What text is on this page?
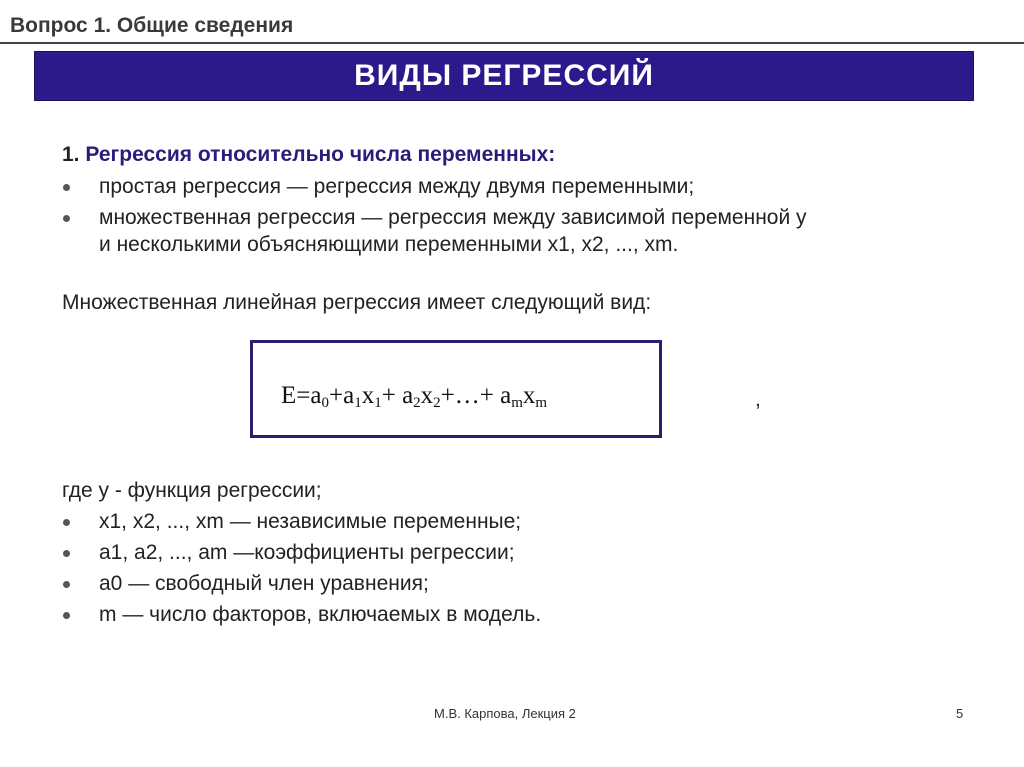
Вопрос 1. Общие сведения
ВИДЫ РЕГРЕССИЙ
1. Регрессия относительно числа переменных:
простая регрессия — регрессия между двумя переменными;
множественная регрессия — регрессия между зависимой переменной у
и несколькими объясняющими переменными х1, х2, ..., хm.
Множественная линейная регрессия имеет следующий вид:
E=a0+a1x1+ a2x2+…+ amxm
E=a₀+a₁x₁+ a₂x₂+…+ aₘxₘ
,
где у - функция регрессии;
х1, х2, ..., хm — независимые переменные;
а1, а2, ..., аm —коэффициенты регрессии;
а0 — свободный член уравнения;
m — число факторов, включаемых в модель.
М.В. Карпова, Лекция 2	5
